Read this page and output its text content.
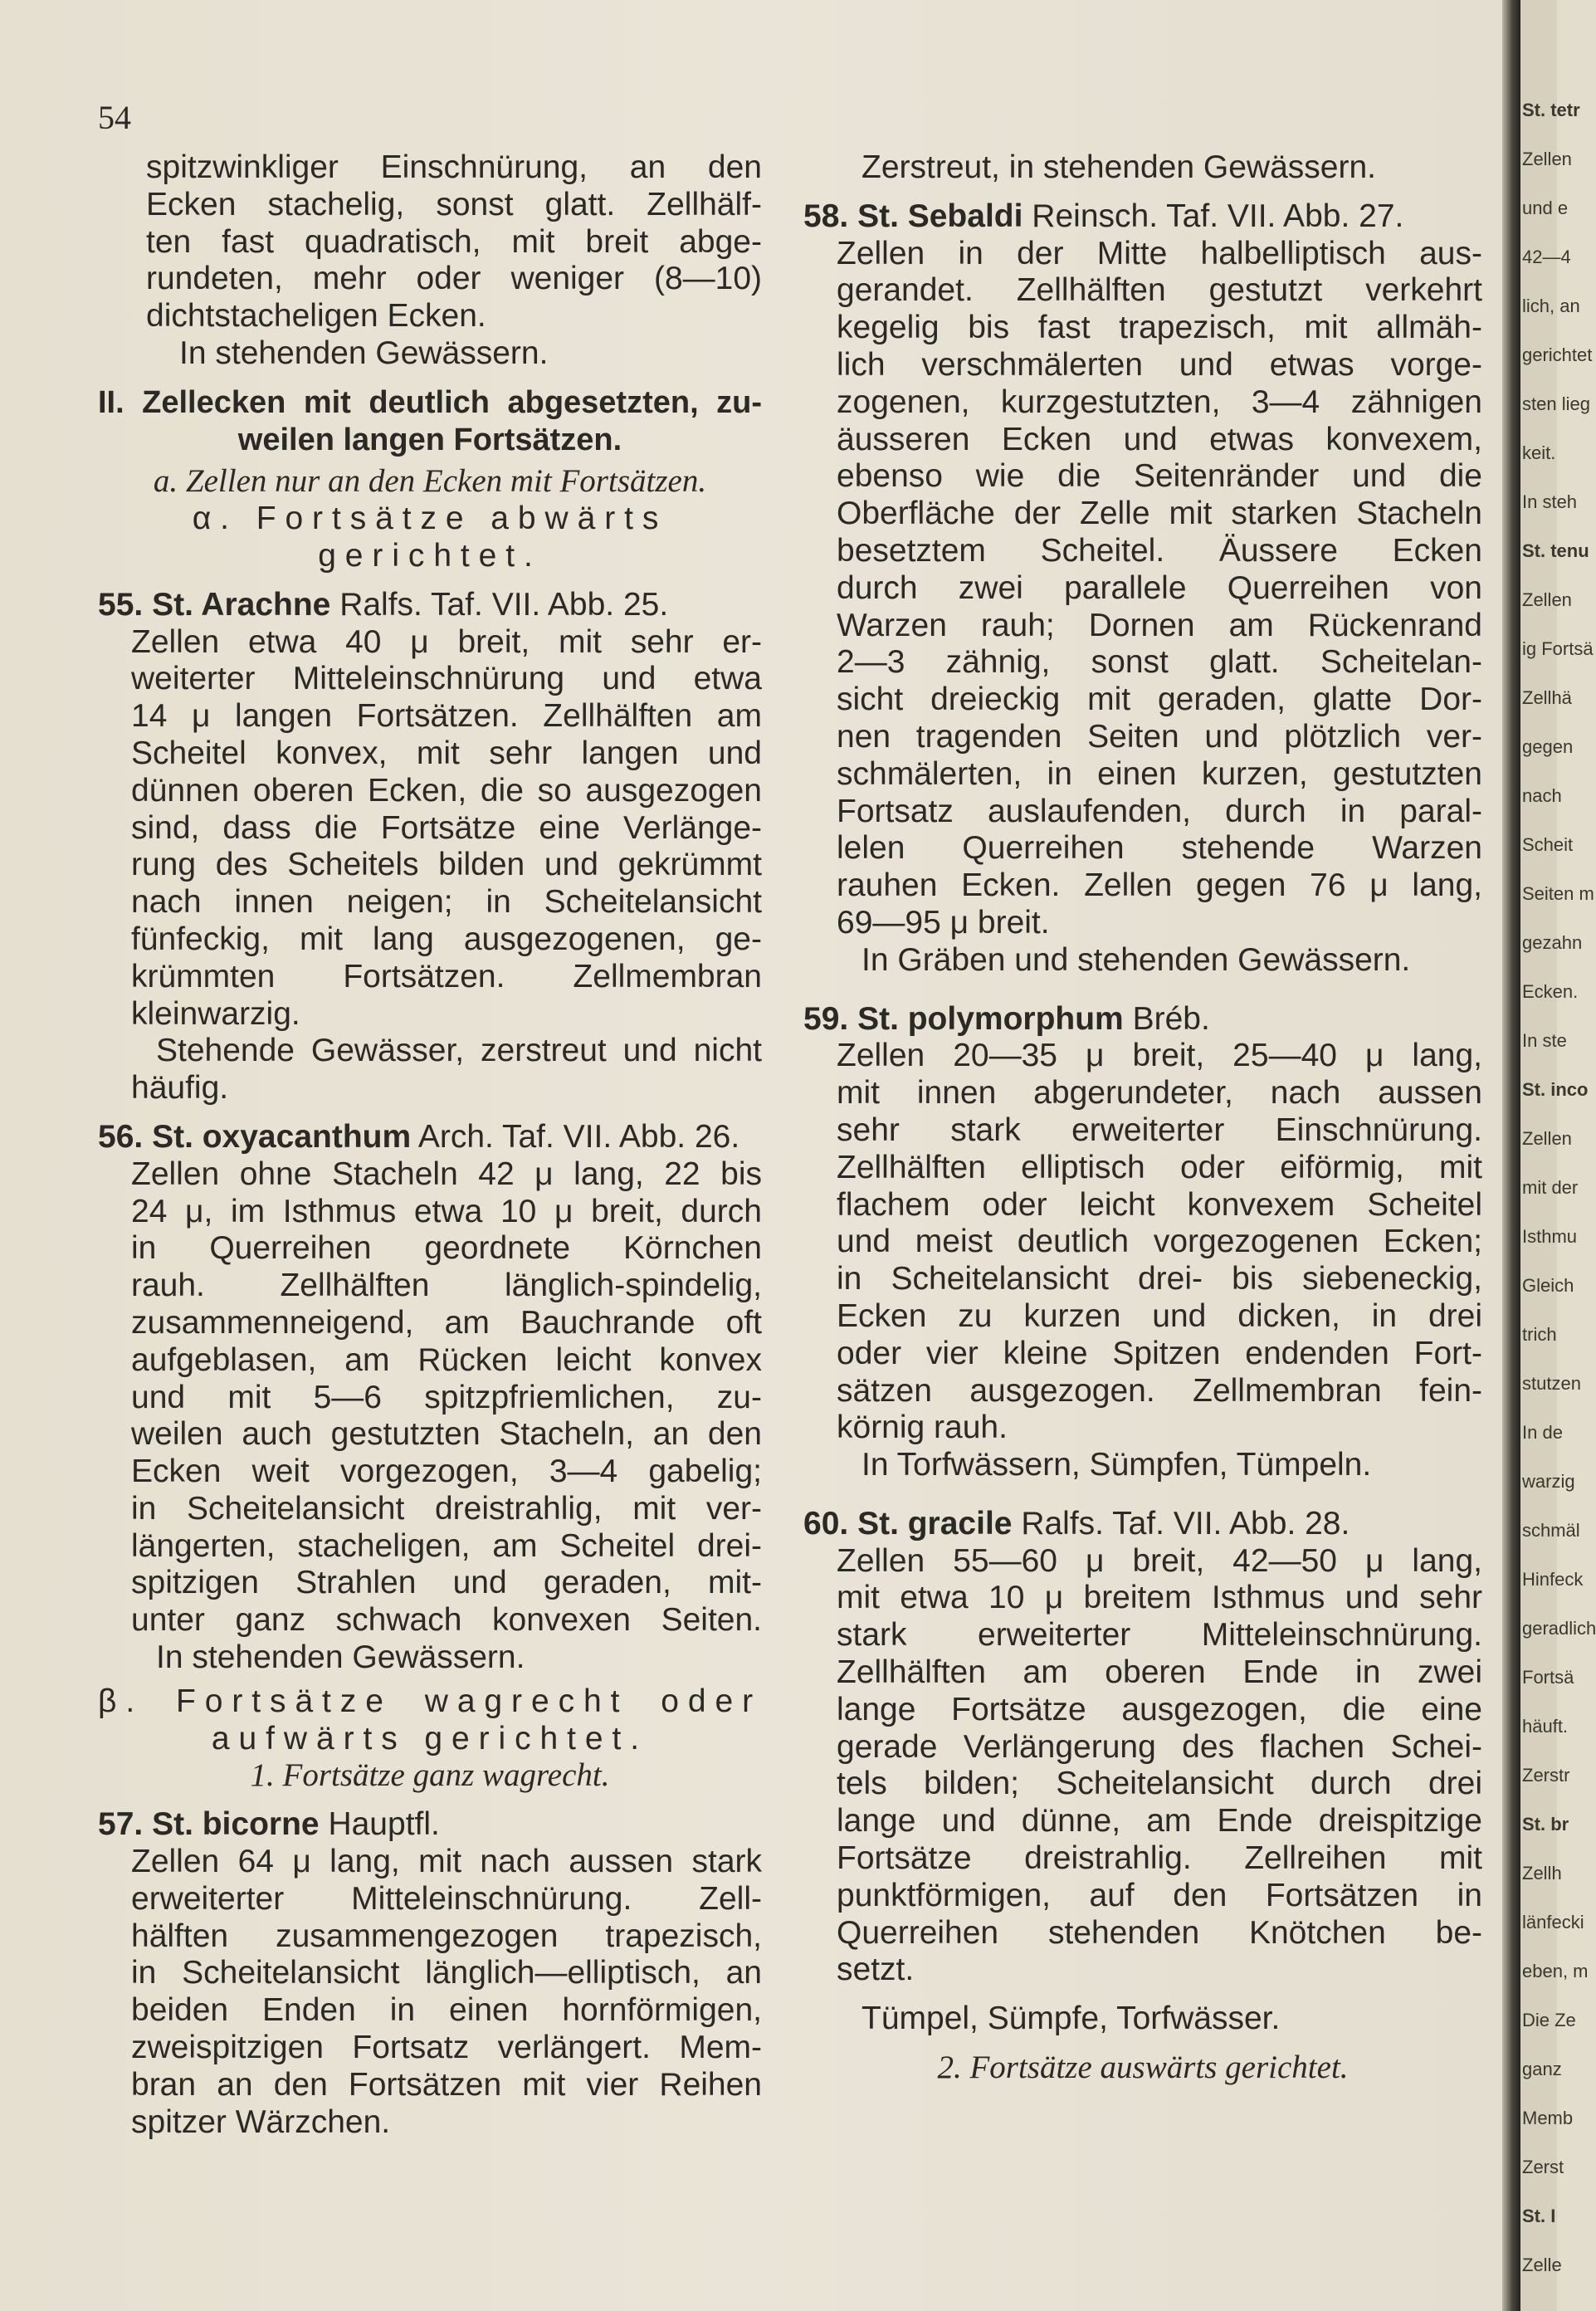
54

spitzwinkliger Einschnürung, an den

Ecken stachelig, sonst glatt. Zellhälf-

ten fast quadratisch, mit breit abge-

rundeten, mehr oder weniger (8—10)

dichtstacheligen Ecken.

In stehenden Gewässern.

II. Zellecken mit deutlich abgesetzten, zu-

weilen langen Fortsätzen.

a. Zellen nur an den Ecken mit Fortsätzen.

α. Fortsätze abwärts gerichtet.

55. St. Arachne Ralfs. Taf. VII. Abb. 25.

Zellen etwa 40 μ breit, mit sehr er-

weiterter Mitteleinschnürung und etwa

14 μ langen Fortsätzen. Zellhälften am

Scheitel konvex, mit sehr langen und

dünnen oberen Ecken, die so ausgezogen

sind, dass die Fortsätze eine Verlänge-

rung des Scheitels bilden und gekrümmt

nach innen neigen; in Scheitelansicht

fünfeckig, mit lang ausgezogenen, ge-

krümmten Fortsätzen. Zellmembran

kleinwarzig.

Stehende Gewässer, zerstreut und nicht

häufig.

56. St. oxyacanthum Arch. Taf. VII. Abb. 26.

Zellen ohne Stacheln 42 μ lang, 22 bis

24 μ, im Isthmus etwa 10 μ breit, durch

in Querreihen geordnete Körnchen

rauh. Zellhälften länglich-spindelig,

zusammenneigend, am Bauchrande oft

aufgeblasen, am Rücken leicht konvex

und mit 5—6 spitzpfriemlichen, zu-

weilen auch gestutzten Stacheln, an den

Ecken weit vorgezogen, 3—4 gabelig;

in Scheitelansicht dreistrahlig, mit ver-

längerten, stacheligen, am Scheitel drei-

spitzigen Strahlen und geraden, mit-

unter ganz schwach konvexen Seiten.

In stehenden Gewässern.

β. Fortsätze wagrecht oder

aufwärts gerichtet.

1. Fortsätze ganz wagrecht.

57. St. bicorne Hauptfl.

Zellen 64 μ lang, mit nach aussen stark

erweiterter Mitteleinschnürung. Zell-

hälften zusammengezogen trapezisch,

in Scheitelansicht länglich—elliptisch, an

beiden Enden in einen hornförmigen,

zweispitzigen Fortsatz verlängert. Mem-

bran an den Fortsätzen mit vier Reihen

spitzer Wärzchen.

Zerstreut, in stehenden Gewässern.

58. St. Sebaldi Reinsch. Taf. VII. Abb. 27.

Zellen in der Mitte halbelliptisch aus-

gerandet. Zellhälften gestutzt verkehrt

kegelig bis fast trapezisch, mit allmäh-

lich verschmälerten und etwas vorge-

zogenen, kurzgestutzten, 3—4 zähnigen

äusseren Ecken und etwas konvexem,

ebenso wie die Seitenränder und die

Oberfläche der Zelle mit starken Stacheln

besetztem Scheitel. Äussere Ecken

durch zwei parallele Querreihen von

Warzen rauh; Dornen am Rückenrand

2—3 zähnig, sonst glatt. Scheitelan-

sicht dreieckig mit geraden, glatte Dor-

nen tragenden Seiten und plötzlich ver-

schmälerten, in einen kurzen, gestutzten

Fortsatz auslaufenden, durch in paral-

lelen Querreihen stehende Warzen

rauhen Ecken. Zellen gegen 76 μ lang,

69—95 μ breit.

In Gräben und stehenden Gewässern.

59. St. polymorphum Bréb.

Zellen 20—35 μ breit, 25—40 μ lang,

mit innen abgerundeter, nach aussen

sehr stark erweiterter Einschnürung.

Zellhälften elliptisch oder eiförmig, mit

flachem oder leicht konvexem Scheitel

und meist deutlich vorgezogenen Ecken;

in Scheitelansicht drei- bis siebeneckig,

Ecken zu kurzen und dicken, in drei

oder vier kleine Spitzen endenden Fort-

sätzen ausgezogen. Zellmembran fein-

körnig rauh.

In Torfwässern, Sümpfen, Tümpeln.

60. St. gracile Ralfs. Taf. VII. Abb. 28.

Zellen 55—60 μ breit, 42—50 μ lang,

mit etwa 10 μ breitem Isthmus und sehr

stark erweiterter Mitteleinschnürung.

Zellhälften am oberen Ende in zwei

lange Fortsätze ausgezogen, die eine

gerade Verlängerung des flachen Schei-

tels bilden; Scheitelansicht durch drei

lange und dünne, am Ende dreispitzige

Fortsätze dreistrahlig. Zellreihen mit

punktförmigen, auf den Fortsätzen in

Querreihen stehenden Knötchen be-

setzt.

Tümpel, Sümpfe, Torfwässer.

2. Fortsätze auswärts gerichtet.

St. tetr
Zellen
und e
42—4
lich, an
gerichtet
sten lieg
keit.
In steh
St. tenu
Zellen
ig Fortsä
Zellhä
gegen
nach
Scheit
Seiten m
gezahn
Ecken.
In ste
St. inco
Zellen
mit der
Isthmu
Gleich
trich
stutzen
In de
warzig
schmäl
Hinfeck
geradlich
Fortsä
häuft.
Zerstr
St. br
Zellh
länfecki
eben, m
Die Ze
ganz
Memb
Zerst
St. I
Zelle
